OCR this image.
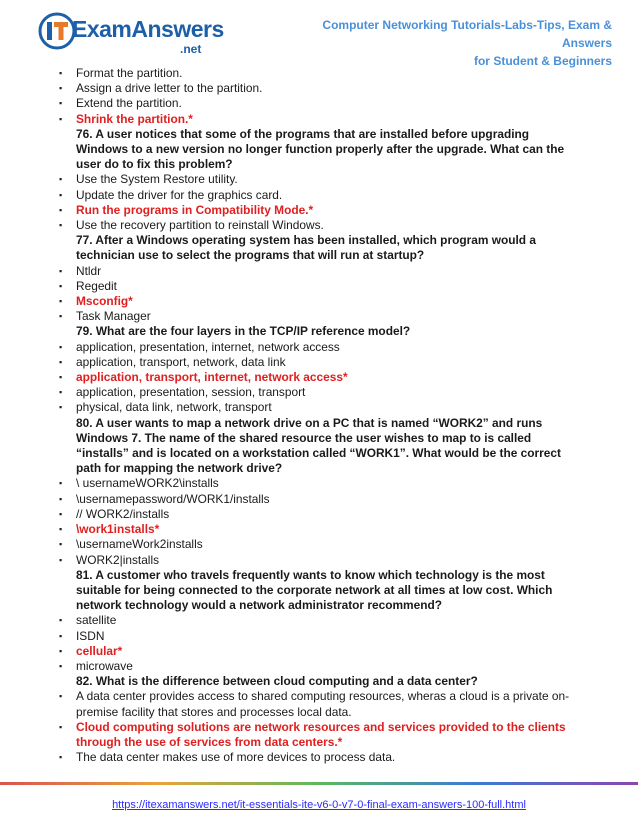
ExamAnswers
.net
Computer Networking Tutorials-Labs-Tips, Exam & Answers
for Student & Beginners
▪ Format the partition.
▪ Assign a drive letter to the partition.
▪ Extend the partition.
▪ Shrink the partition.*
76. A user notices that some of the programs that are installed before upgrading Windows to a new version no longer function properly after the upgrade. What can the user do to fix this problem?
▪ Use the System Restore utility.
▪ Update the driver for the graphics card.
▪ Run the programs in Compatibility Mode.*
▪ Use the recovery partition to reinstall Windows.
77. After a Windows operating system has been installed, which program would a technician use to select the programs that will run at startup?
▪ Ntldr
▪ Regedit
▪ Msconfig*
▪ Task Manager
79. What are the four layers in the TCP/IP reference model?
▪ application, presentation, internet, network access
▪ application, transport, network, data link
▪ application, transport, internet, network access*
▪ application, presentation, session, transport
▪ physical, data link, network, transport
80. A user wants to map a network drive on a PC that is named “WORK2” and runs Windows 7. The name of the shared resource the user wishes to map to is called “installs” and is located on a workstation called “WORK1”. What would be the correct path for mapping the network drive?
▪ \ usernameWORK2\installs
▪ \usernamepassword/WORK1/installs
▪ // WORK2/installs
▪ \work1installs*
▪ \usernameWork2installs
▪ WORK2|installs
81. A customer who travels frequently wants to know which technology is the most suitable for being connected to the corporate network at all times at low cost. Which network technology would a network administrator recommend?
▪ satellite
▪ ISDN
▪ cellular*
▪ microwave
82. What is the difference between cloud computing and a data center?
▪ A data center provides access to shared computing resources, wheras a cloud is a private on-premise facility that stores and processes local data.
▪ Cloud computing solutions are network resources and services provided to the clients through the use of services from data centers.*
▪ The data center makes use of more devices to process data.
https://itexamanswers.net/it-essentials-ite-v6-0-v7-0-final-exam-answers-100-full.html
